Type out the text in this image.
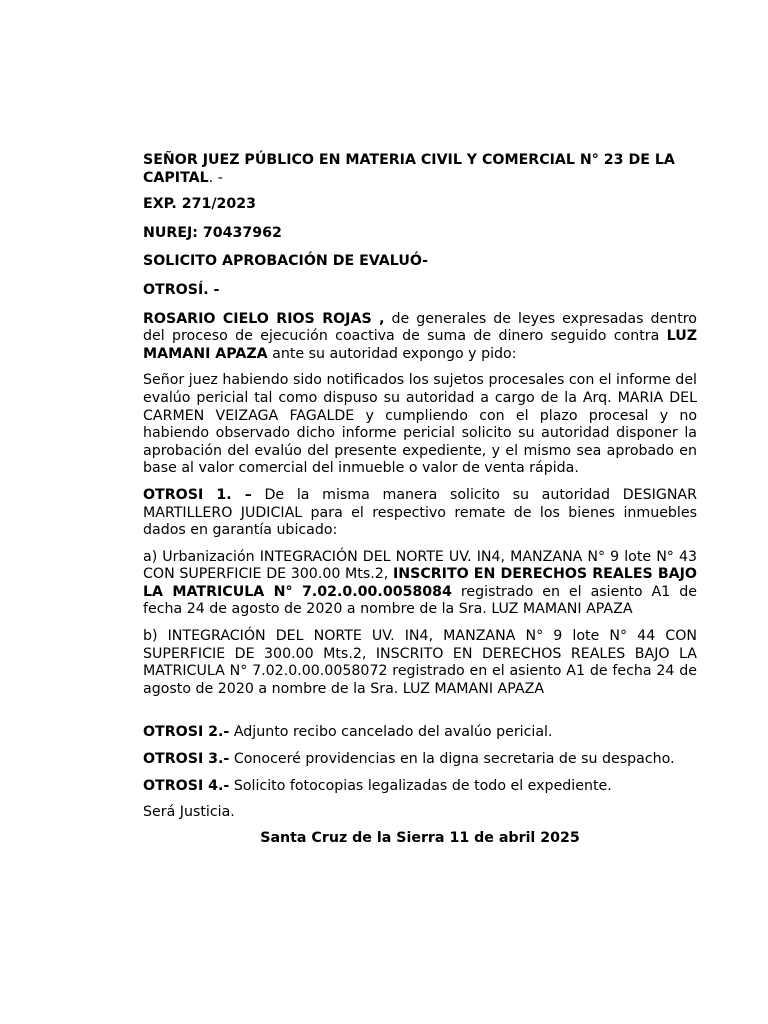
SEÑOR JUEZ PÚBLICO EN MATERIA CIVIL Y COMERCIAL N° 23 DE LA CAPITAL. -

EXP. 271/2023

NUREJ: 70437962

SOLICITO APROBACIÓN DE EVALUÓ-

OTROSÍ. -

ROSARIO CIELO RIOS ROJAS , de generales de leyes expresadas dentro del proceso de ejecución coactiva de suma de dinero seguido contra LUZ MAMANI APAZA ante su autoridad expongo y pido:

Señor juez habiendo sido notificados los sujetos procesales con el informe del evalúo pericial tal como dispuso su autoridad a cargo de la Arq. MARIA DEL CARMEN VEIZAGA FAGALDE y cumpliendo con el plazo procesal y no habiendo observado dicho informe pericial solicito su autoridad disponer la aprobación del evalúo del presente expediente, y el mismo sea aprobado en base al valor comercial del inmueble o valor de venta rápida.

OTROSI 1. – De la misma manera solicito su autoridad DESIGNAR MARTILLERO JUDICIAL para el respectivo remate de los bienes inmuebles dados en garantía ubicado:

a) Urbanización INTEGRACIÓN DEL NORTE UV. IN4, MANZANA N° 9 lote N° 43 CON SUPERFICIE DE 300.00 Mts.2, INSCRITO EN DERECHOS REALES BAJO LA MATRICULA N° 7.02.0.00.0058084 registrado en el asiento A1 de fecha 24 de agosto de 2020 a nombre de la Sra. LUZ MAMANI APAZA

b) INTEGRACIÓN DEL NORTE UV. IN4, MANZANA N° 9 lote N° 44 CON SUPERFICIE DE 300.00 Mts.2, INSCRITO EN DERECHOS REALES BAJO LA MATRICULA N° 7.02.0.00.0058072 registrado en el asiento A1 de fecha 24 de agosto de 2020 a nombre de la Sra. LUZ MAMANI APAZA

OTROSI 2.- Adjunto recibo cancelado del avalúo pericial.

OTROSI 3.- Conoceré providencias en la digna secretaria de su despacho.

OTROSI 4.- Solicito fotocopias legalizadas de todo el expediente.

Será Justicia.

Santa Cruz de la Sierra 11 de abril 2025
